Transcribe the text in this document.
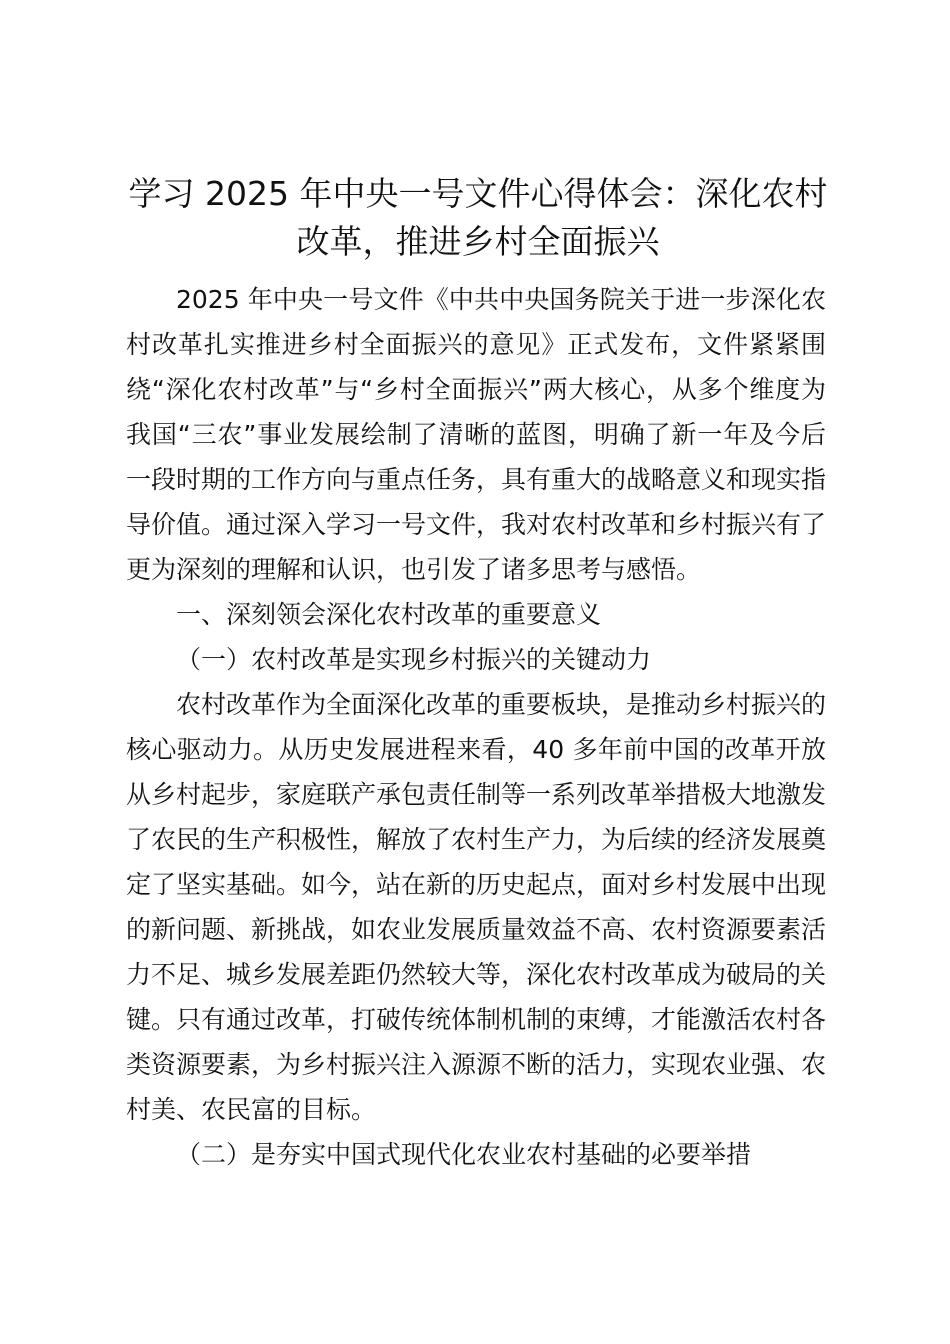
学习 2025 年中央一号文件心得体会：深化农村改革，推进乡村全面振兴

2025 年中央一号文件《中共中央国务院关于进一步深化农村改革扎实推进乡村全面振兴的意见》正式发布，文件紧紧围绕“深化农村改革”与“乡村全面振兴”两大核心，从多个维度为我国“三农”事业发展绘制了清晰的蓝图，明确了新一年及今后一段时期的工作方向与重点任务，具有重大的战略意义和现实指导价值。通过深入学习一号文件，我对农村改革和乡村振兴有了更为深刻的理解和认识，也引发了诸多思考与感悟。

一、深刻领会深化农村改革的重要意义

（一）农村改革是实现乡村振兴的关键动力

农村改革作为全面深化改革的重要板块，是推动乡村振兴的核心驱动力。从历史发展进程来看，40 多年前中国的改革开放从乡村起步，家庭联产承包责任制等一系列改革举措极大地激发了农民的生产积极性，解放了农村生产力，为后续的经济发展奠定了坚实基础。如今，站在新的历史起点，面对乡村发展中出现的新问题、新挑战，如农业发展质量效益不高、农村资源要素活力不足、城乡发展差距仍然较大等，深化农村改革成为破局的关键。只有通过改革，打破传统体制机制的束缚，才能激活农村各类资源要素，为乡村振兴注入源源不断的活力，实现农业强、农村美、农民富的目标。

（二）是夯实中国式现代化农业农村基础的必要举措
